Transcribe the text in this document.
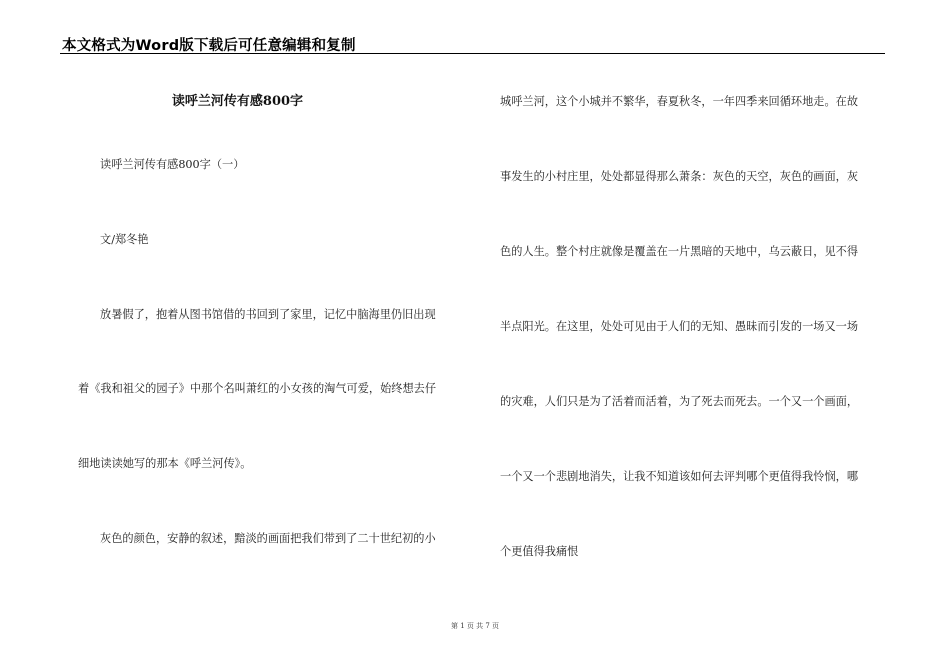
本文格式为Word版下载后可任意编辑和复制
读呼兰河传有感800字
读呼兰河传有感800字（一）
文/郑冬艳
放暑假了，抱着从图书馆借的书回到了家里，记忆中脑海里仍旧出现
着《我和祖父的园子》中那个名叫萧红的小女孩的淘气可爱，始终想去仔
细地读读她写的那本《呼兰河传》。
灰色的颜色，安静的叙述，黯淡的画面把我们带到了二十世纪初的小
城呼兰河，这个小城并不繁华，春夏秋冬，一年四季来回循环地走。在故
事发生的小村庄里，处处都显得那么萧条：灰色的天空，灰色的画面，灰
色的人生。整个村庄就像是覆盖在一片黑暗的天地中，乌云蔽日，见不得
半点阳光。在这里，处处可见由于人们的无知、愚昧而引发的一场又一场
的灾难，人们只是为了活着而活着，为了死去而死去。一个又一个画面，
一个又一个悲剧地消失，让我不知道该如何去评判哪个更值得我怜悯，哪
个更值得我痛恨
第 1 页 共 7 页
